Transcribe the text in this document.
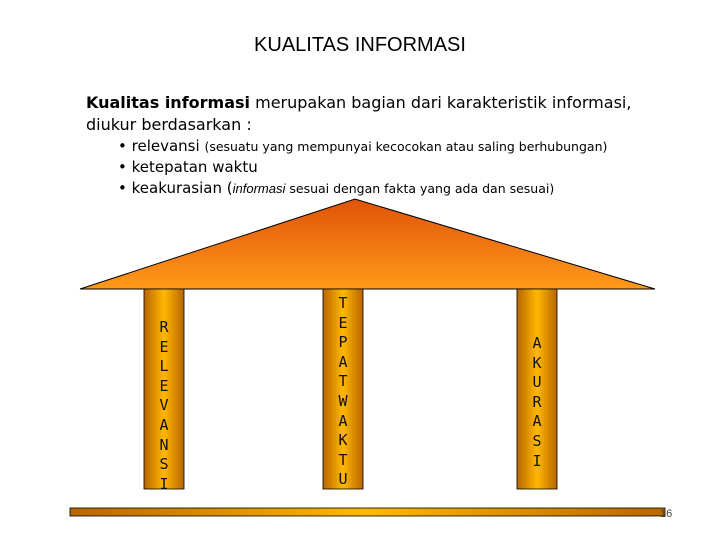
KUALITAS INFORMASI
Kualitas informasi merupakan bagian dari karakteristik informasi,
diukur berdasarkan :
• relevansi (sesuatu yang mempunyai kecocokan atau saling berhubungan)
• ketepatan waktu
• keakurasian (informasi sesuai dengan fakta yang ada dan sesuai)
R
E
L
E
V
A
N
S
I
T
E
P
A
T
W
A
K
T
U
A
K
U
R
A
S
I
16
